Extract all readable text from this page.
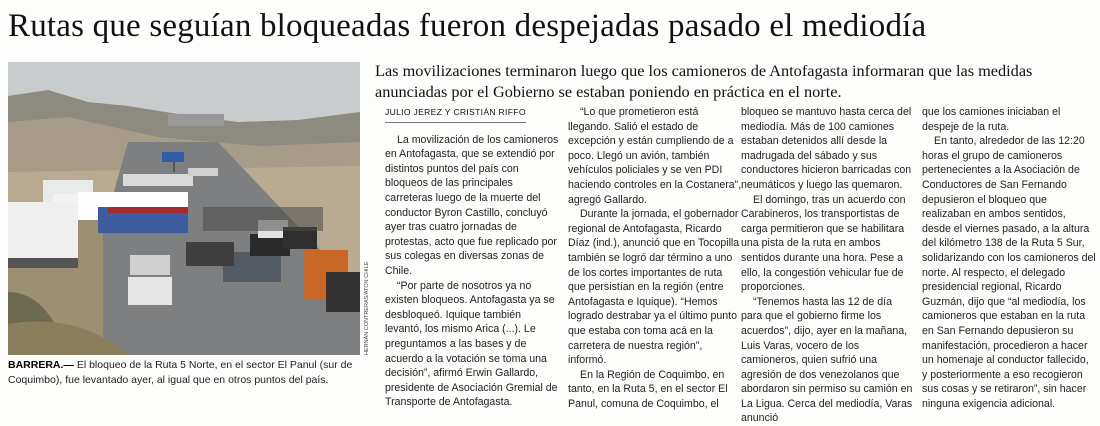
Rutas que seguían bloqueadas fueron despejadas pasado el mediodía
HERNÁN CONTRERAS/ATON CHILE
BARRERA.— El bloqueo de la Ruta 5 Norte, en el sector El Panul (sur de Coquimbo), fue levantado ayer, al igual que en otros puntos del país.
Las movilizaciones terminaron luego que los camioneros de Antofagasta informaran que las medidas anunciadas por el Gobierno se estaban poniendo en práctica en el norte.
JULIO JEREZ Y CRISTIÁN RIFFO

La movilización de los camioneros en Antofagasta, que se extendió por distintos puntos del país con bloqueos de las principales carreteras luego de la muerte del conductor Byron Castillo, concluyó ayer tras cuatro jornadas de protestas, acto que fue replicado por sus colegas en diversas zonas de Chile.

“Por parte de nosotros ya no existen bloqueos. Antofagasta ya se desbloqueó. Iquique también levantó, los mismo Arica (...). Le preguntamos a las bases y de acuerdo a la votación se toma una decisión”, afirmó Erwin Gallardo, presidente de Asociación Gremial de Transporte de Antofagasta.

“Lo que prometieron está llegando. Salió el estado de excepción y están cumpliendo de a poco. Llegó un avión, también vehículos policiales y se ven PDI haciendo controles en la Costanera”, agregó Gallardo.

Durante la jornada, el gobernador regional de Antofagasta, Ricardo Díaz (ind.), anunció que en Tocopilla también se logró dar término a uno de los cortes importantes de ruta que persistían en la región (entre Antofagasta e Iquique). “Hemos logrado destrabar ya el último punto que estaba con toma acá en la carretera de nuestra región”, informó.

En la Región de Coquimbo, en tanto, en la Ruta 5, en el sector El Panul, comuna de Coquimbo, el

bloqueo se mantuvo hasta cerca del mediodía. Más de 100 camiones estaban detenidos allí desde la madrugada del sábado y sus conductores hicieron barricadas con neumáticos y luego las quemaron.

El domingo, tras un acuerdo con Carabineros, los transportistas de carga permitieron que se habilitara una pista de la ruta en ambos sentidos durante una hora. Pese a ello, la congestión vehicular fue de proporciones.

“Tenemos hasta las 12 de día para que el gobierno firme los acuerdos”, dijo, ayer en la mañana, Luis Varas, vocero de los camioneros, quien sufrió una agresión de dos venezolanos que abordaron sin permiso su camión en La Ligua. Cerca del mediodía, Varas anunció

que los camiones iniciaban el despeje de la ruta.

En tanto, alrededor de las 12:20 horas el grupo de camioneros pertenecientes a la Asociación de Conductores de San Fernando depusieron el bloqueo que realizaban en ambos sentidos, desde el viernes pasado, a la altura del kilómetro 138 de la Ruta 5 Sur, solidarizando con los camioneros del norte. Al respecto, el delegado presidencial regional, Ricardo Guzmán, dijo que “al mediodía, los camioneros que estaban en la ruta en San Fernando depusieron su manifestación, procedieron a hacer un homenaje al conductor fallecido, y posteriormente a eso recogieron sus cosas y se retiraron”, sin hacer ninguna exigencia adicional.
